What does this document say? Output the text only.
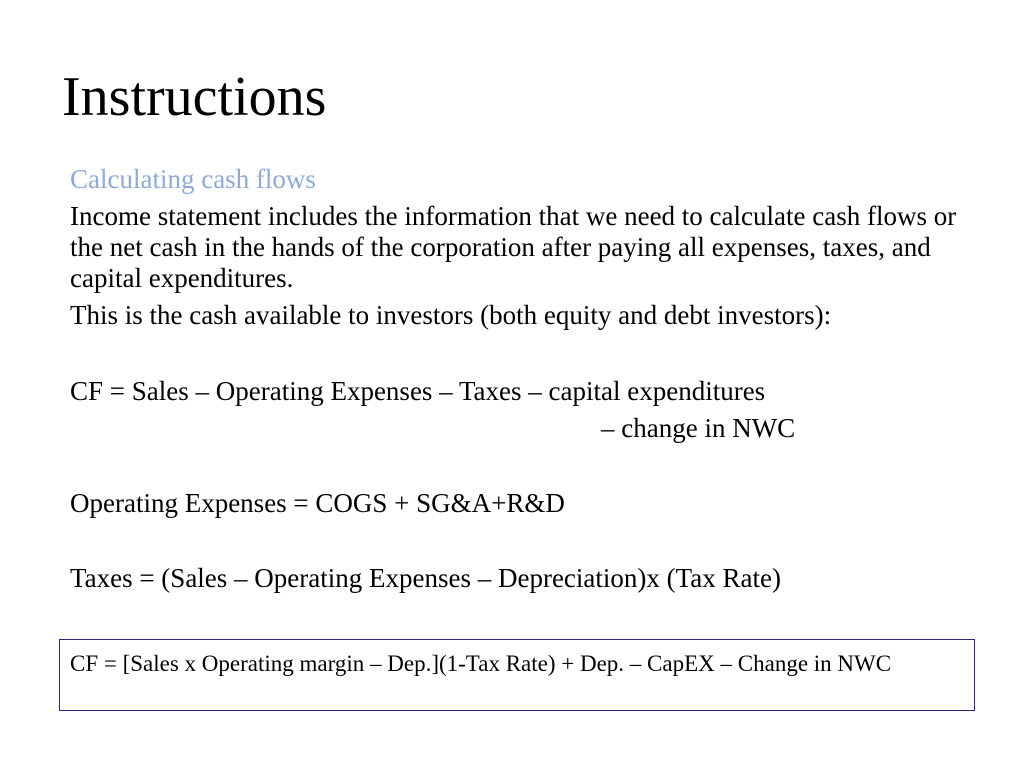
Instructions
Calculating cash flows
Income statement includes the information that we need to calculate cash flows or the net cash in the hands of the corporation after paying all expenses, taxes, and capital expenditures.
This is the cash available to investors (both equity and debt investors):
CF = Sales – Operating Expenses – Taxes – capital expenditures
– change in NWC
Operating Expenses = COGS + SG&A+R&D
Taxes = (Sales – Operating Expenses – Depreciation)x (Tax Rate)
CF = [Sales x Operating margin – Dep.](1-Tax Rate) + Dep. – CapEX – Change in NWC
